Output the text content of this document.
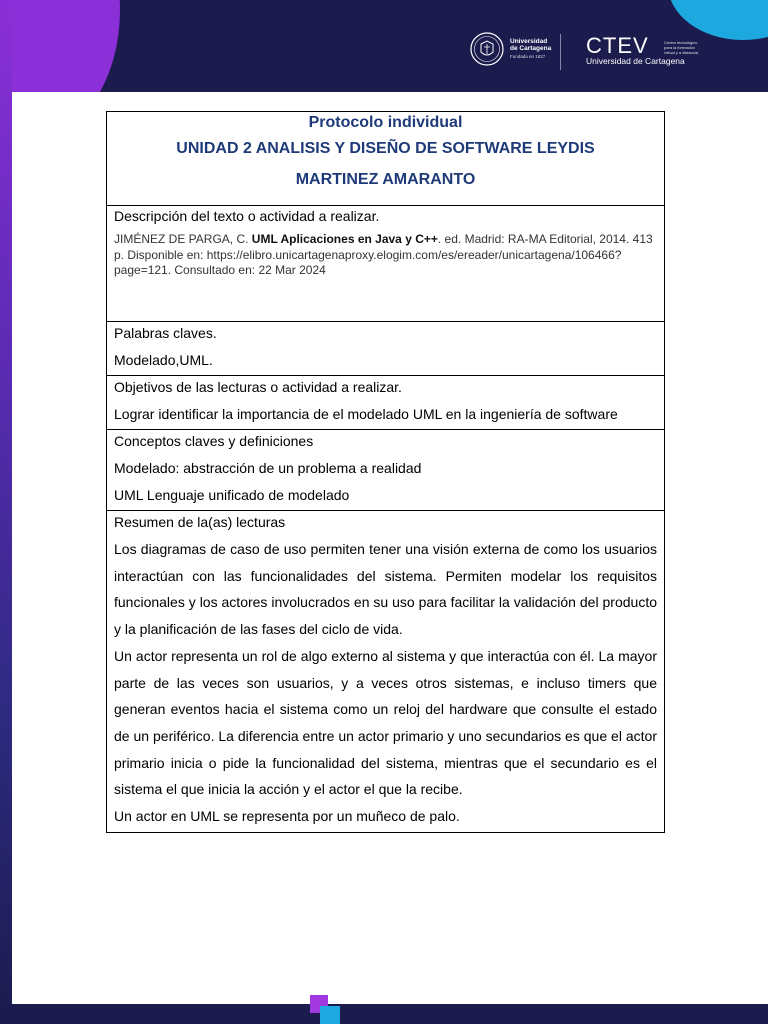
Universidad
de Cartagena
Fundada en 1827 CTEV
Universidad de Cartagena
Centro tecnológico para la formación virtual y a distancia
Protocolo individual
UNIDAD 2 ANALISIS Y DISEÑO DE SOFTWARE LEYDIS
MARTINEZ AMARANTO

Descripción del texto o actividad a realizar.
JIMÉNEZ DE PARGA, C. UML Aplicaciones en Java y C++. ed. Madrid: RA-MA Editorial, 2014. 413 p. Disponible en: https://elibro.unicartagenaproxy.elogim.com/es/ereader/unicartagena/106466?page=121. Consultado en: 22 Mar 2024

Palabras claves.
Modelado,UML.

Objetivos de las lecturas o actividad a realizar.
Lograr identificar la importancia de el modelado UML en la ingeniería de software

Conceptos claves y definiciones
Modelado: abstracción de un problema a realidad
UML Lenguaje unificado de modelado

Resumen de la(as) lecturas
Los diagramas de caso de uso permiten tener una visión externa de como los usuarios interactúan con las funcionalidades del sistema. Permiten modelar los requisitos funcionales y los actores involucrados en su uso para facilitar la validación del producto y la planificación de las fases del ciclo de vida.
Un actor representa un rol de algo externo al sistema y que interactúa con él. La mayor parte de las veces son usuarios, y a veces otros sistemas, e incluso timers que generan eventos hacia el sistema como un reloj del hardware que consulte el estado de un periférico. La diferencia entre un actor primario y uno secundarios es que el actor primario inicia o pide la funcionalidad del sistema, mientras que el secundario es el sistema el que inicia la acción y el actor el que la recibe.
Un actor en UML se representa por un muñeco de palo.
